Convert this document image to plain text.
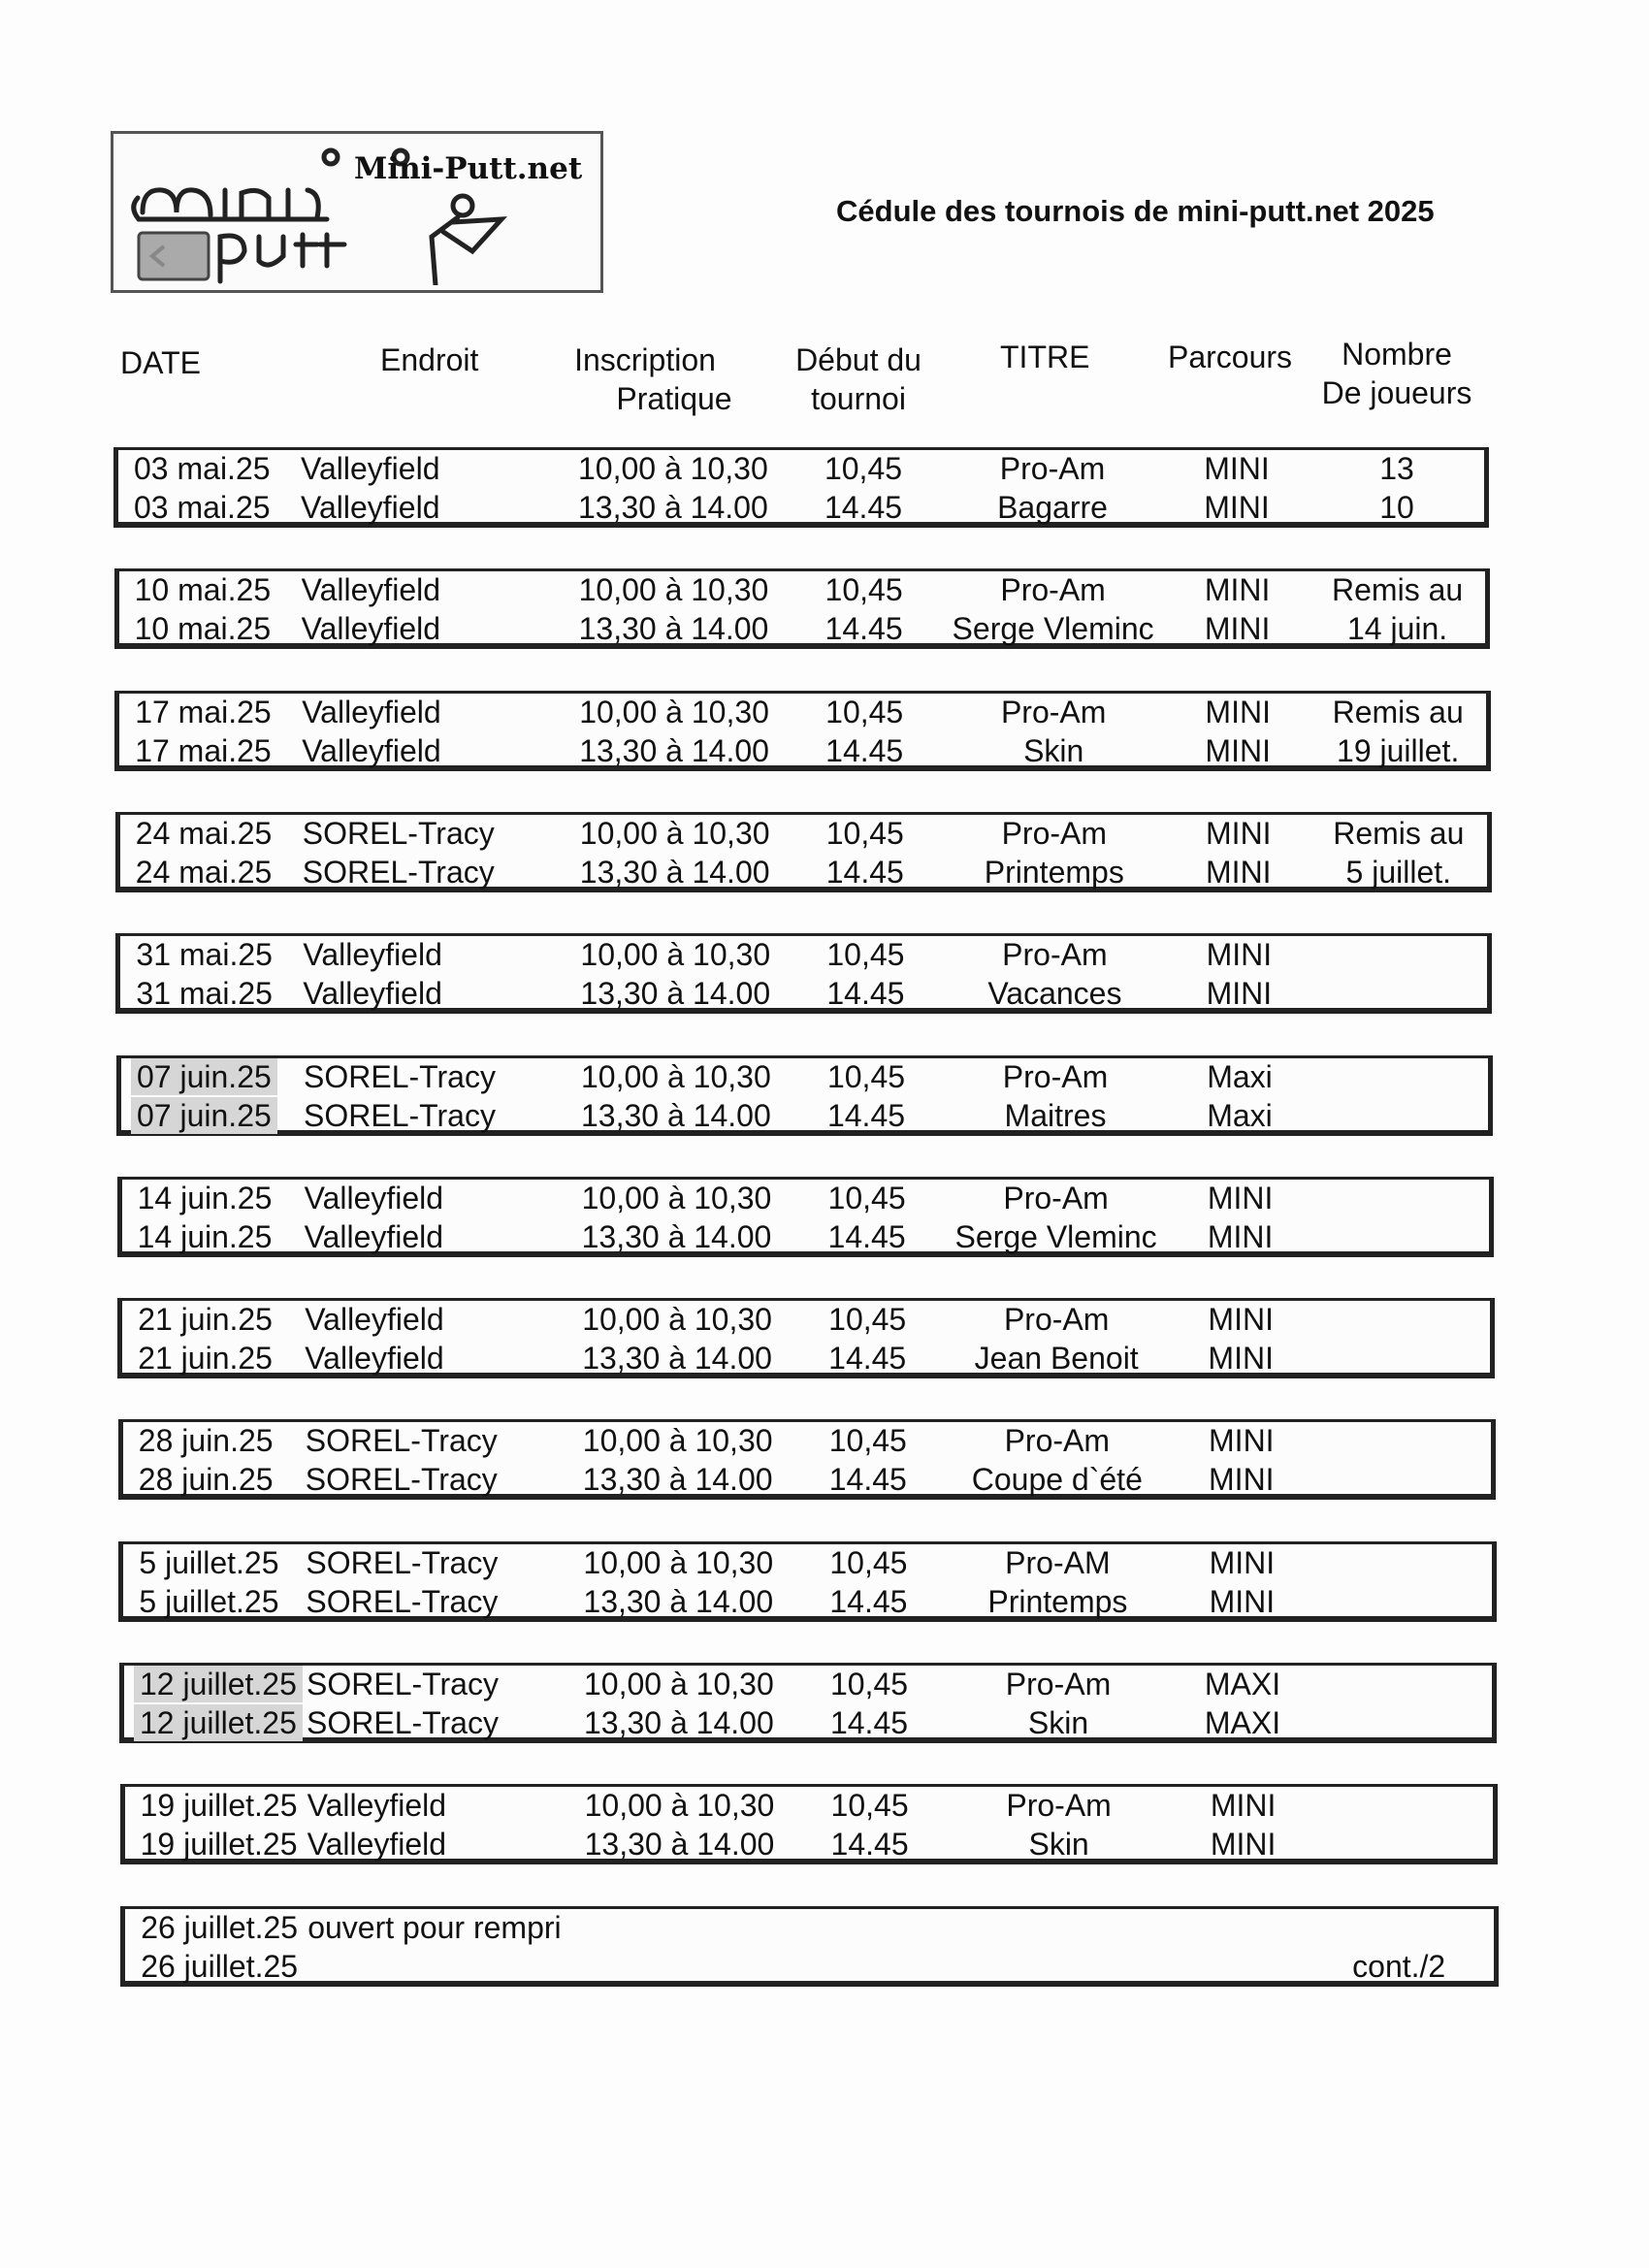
Mini-Putt.net
Cédule des tournois de mini-putt.net 2025
DATE	Endroit	Inscription
Pratique
Début du
tournoi
TITRE	Parcours	Nombre
De joueurs
03 mai.25 Valleyfield	10,00 à 10,30	10,45	Pro-Am	MINI	13
03 mai.25 Valleyfield	13,30 à 14.00	14.45	Bagarre	MINI	10
10 mai.25 Valleyfield	10,00 à 10,30	10,45	Pro-Am	MINI	Remis au
10 mai.25 Valleyfield	13,30 à 14.00	14.45	Serge Vleminc	MINI	14 juin.
17 mai.25 Valleyfield	10,00 à 10,30	10,45	Pro-Am	MINI	Remis au
17 mai.25 Valleyfield	13,30 à 14.00	14.45	Skin	MINI	19 juillet.
24 mai.25 SOREL-Tracy	10,00 à 10,30	10,45	Pro-Am	MINI	Remis au
24 mai.25 SOREL-Tracy	13,30 à 14.00	14.45	Printemps	MINI	5 juillet.
31 mai.25 Valleyfield	10,00 à 10,30	10,45	Pro-Am	MINI
31 mai.25 Valleyfield	13,30 à 14.00	14.45	Vacances	MINI
07 juin.25 SOREL-Tracy	10,00 à 10,30	10,45	Pro-Am	Maxi
07 juin.25 SOREL-Tracy	13,30 à 14.00	14.45	Maitres	Maxi
14 juin.25 Valleyfield	10,00 à 10,30	10,45	Pro-Am	MINI
14 juin.25 Valleyfield	13,30 à 14.00	14.45	Serge Vleminc	MINI
21 juin.25 Valleyfield	10,00 à 10,30	10,45	Pro-Am	MINI
21 juin.25 Valleyfield	13,30 à 14.00	14.45	Jean Benoit	MINI
28 juin.25 SOREL-Tracy	10,00 à 10,30	10,45	Pro-Am	MINI
28 juin.25 SOREL-Tracy	13,30 à 14.00	14.45	Coupe d`été	MINI
5 juillet.25 SOREL-Tracy	10,00 à 10,30	10,45	Pro-AM	MINI
5 juillet.25 SOREL-Tracy	13,30 à 14.00	14.45	Printemps	MINI
12 juillet.25 SOREL-Tracy	10,00 à 10,30	10,45	Pro-Am	MAXI
12 juillet.25 SOREL-Tracy	13,30 à 14.00	14.45	Skin	MAXI
19 juillet.25 Valleyfield	10,00 à 10,30	10,45	Pro-Am	MINI
19 juillet.25 Valleyfield	13,30 à 14.00	14.45	Skin	MINI
26 juillet.25 ouvert pour rempri
26 juillet.25	cont./2
